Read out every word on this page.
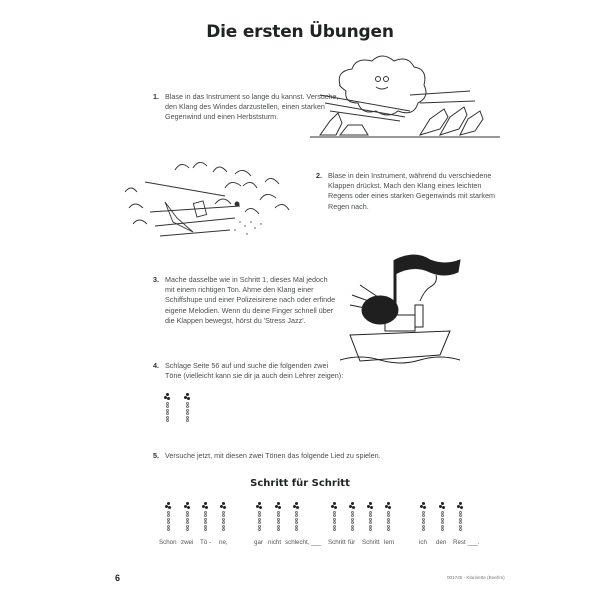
Die ersten Übungen
1. Blase in das Instrument so lange du kannst. Versuche, den Klang des Windes darzustellen, einen starken Gegenwind und einen Herbststurm.

2. Blase in dein Instrument, während du verschiedene Klappen drückst. Mach den Klang eines leichten Regens oder eines starken Gegenwinds mit starkem Regen nach.

3. Mache dasselbe wie in Schritt 1, dieses Mal jedoch mit einem richtigen Ton. Ahme den Klang einer Schiffshupe und einer Polizeisirene nach oder erfinde eigene Melodien. Wenn du deine Finger schnell über die Klappen bewegst, hörst du 'Stress Jazz'.

4. Schlage Seite 56 auf und suche die folgenden zwei Töne (vielleicht kann sie dir ja auch dein Lehrer zeigen):

5. Versuche jetzt, mit diesen zwei Tönen das folgende Lied zu spielen.

Schritt für Schritt
Schon zwei Tö - ne,	gar nicht schlecht, ___ Schritt für Schritt lern	ich den Rest ___.
6	001746 - Klarinette (Boehm)
